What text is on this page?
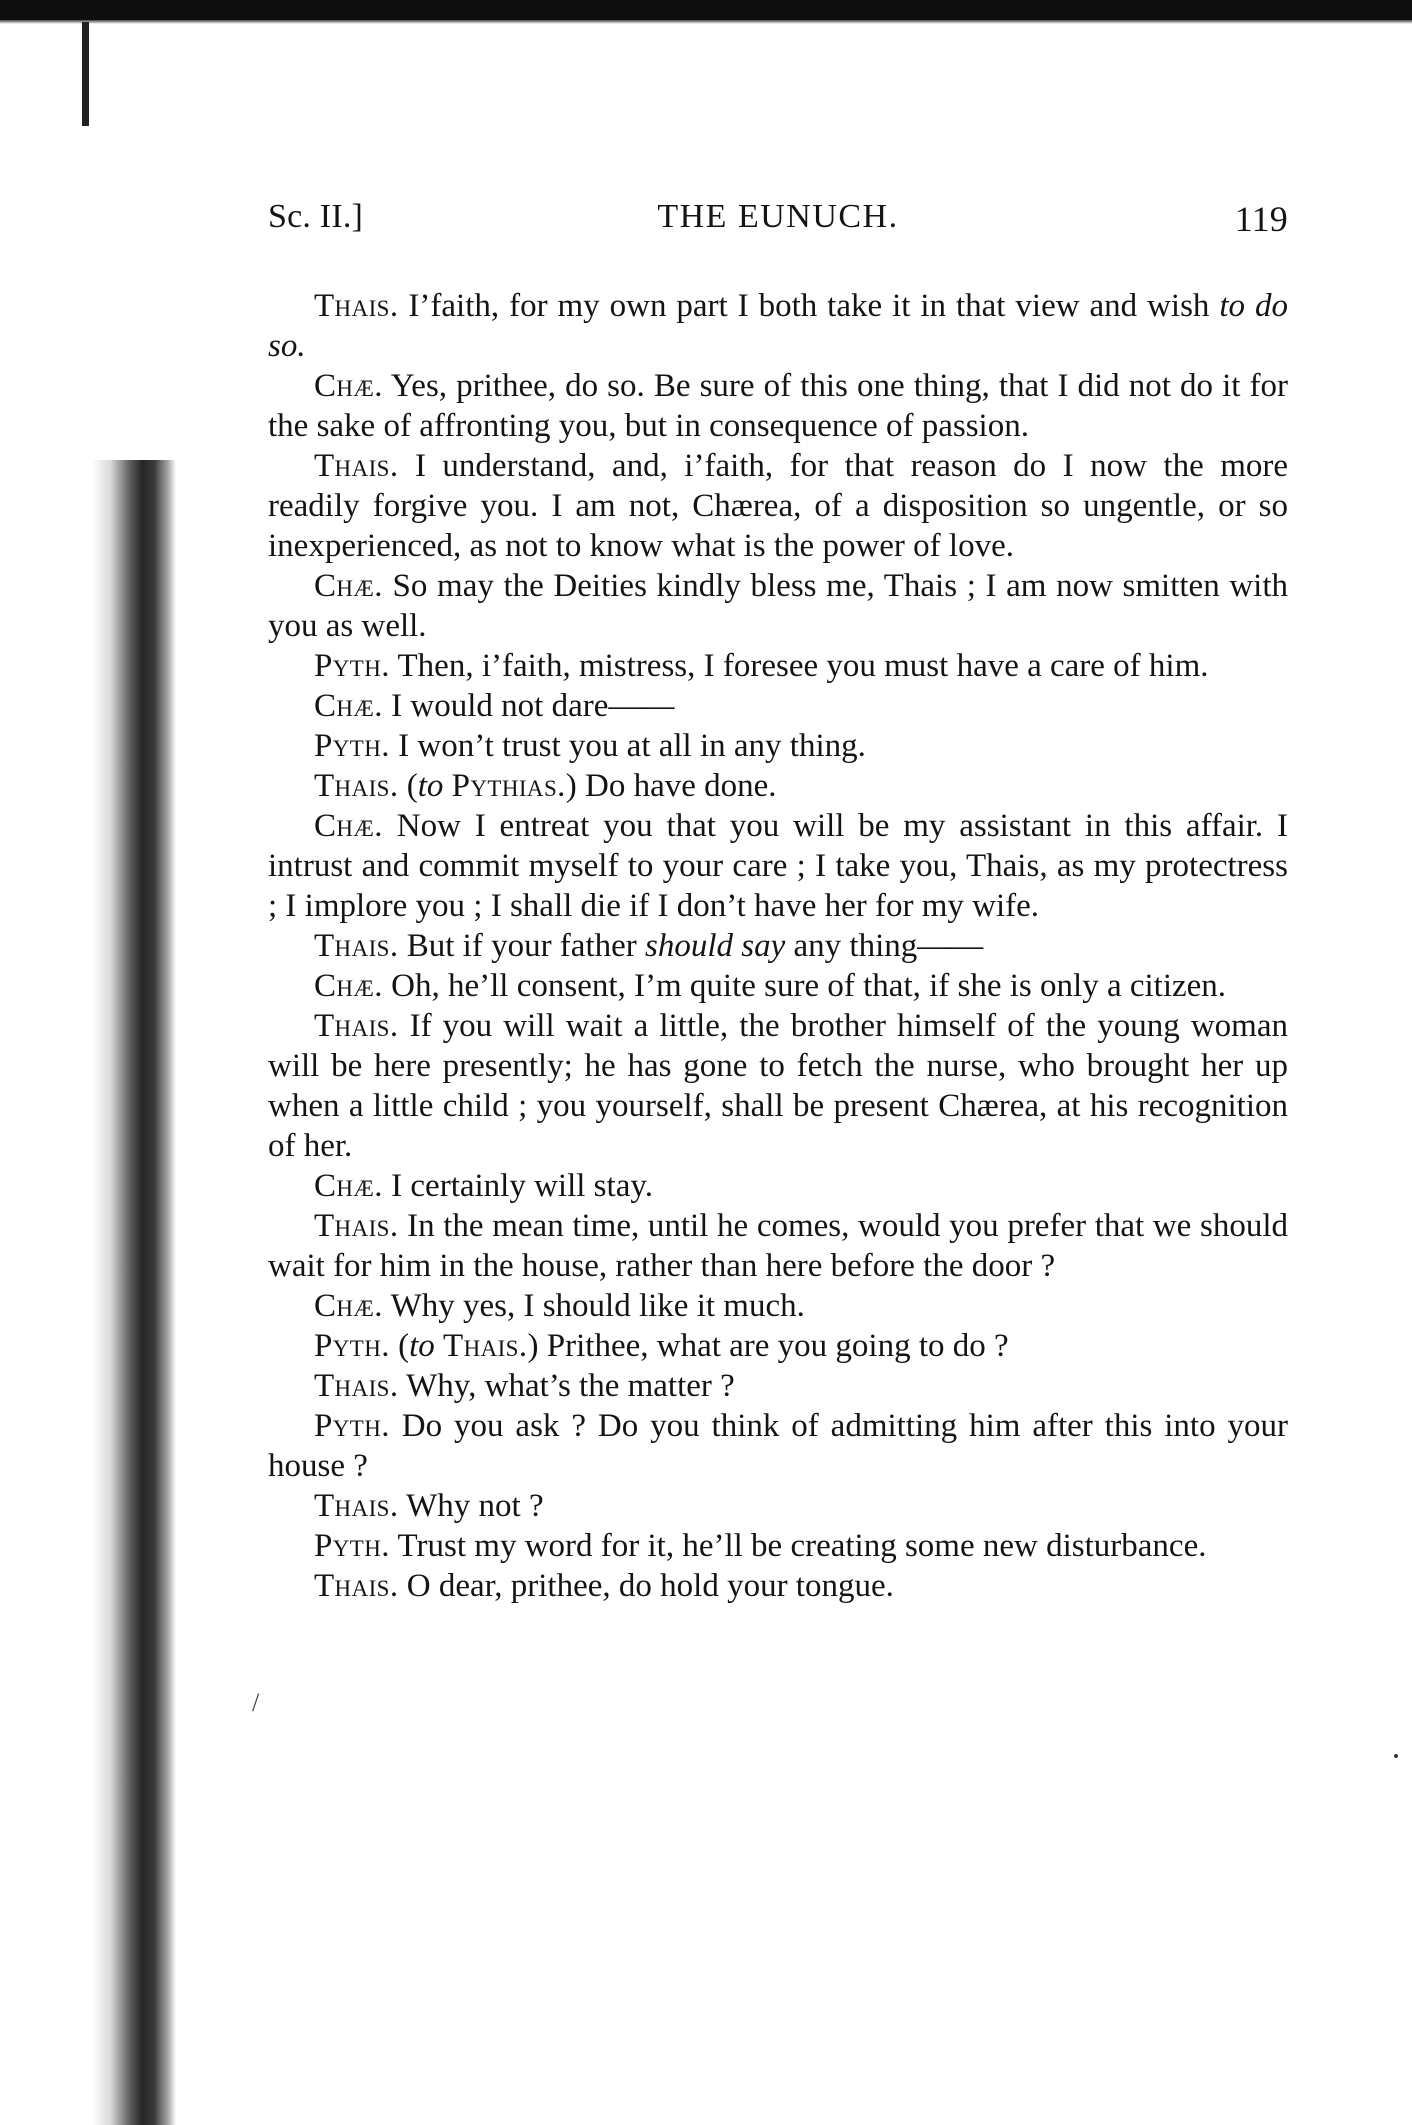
Sc. II.]	THE EUNUCH.	119

Thais. I’faith, for my own part I both take it in that view and wish to do so.

Chæ. Yes, prithee, do so. Be sure of this one thing, that I did not do it for the sake of affronting you, but in consequence of passion.

Thais. I understand, and, i’faith, for that reason do I now the more readily forgive you. I am not, Chærea, of a disposition so ungentle, or so inexperienced, as not to know what is the power of love.

Chæ. So may the Deities kindly bless me, Thais ; I am now smitten with you as well.

Pyth. Then, i’faith, mistress, I foresee you must have a care of him.

Chæ. I would not dare——

Pyth. I won’t trust you at all in any thing.

Thais. (to Pythias.) Do have done.

Chæ. Now I entreat you that you will be my assistant in this affair. I intrust and commit myself to your care ; I take you, Thais, as my protectress ; I implore you ; I shall die if I don’t have her for my wife.

Thais. But if your father should say any thing——

Chæ. Oh, he’ll consent, I’m quite sure of that, if she is only a citizen.

Thais. If you will wait a little, the brother himself of the young woman will be here presently; he has gone to fetch the nurse, who brought her up when a little child ; you yourself, shall be present Chærea, at his recognition of her.

Chæ. I certainly will stay.

Thais. In the mean time, until he comes, would you prefer that we should wait for him in the house, rather than here before the door ?

Chæ. Why yes, I should like it much.

Pyth. (to Thais.) Prithee, what are you going to do ?

Thais. Why, what’s the matter ?

Pyth. Do you ask ? Do you think of admitting him after this into your house ?

Thais. Why not ?

Pyth. Trust my word for it, he’ll be creating some new disturbance.

Thais. O dear, prithee, do hold your tongue.

/
